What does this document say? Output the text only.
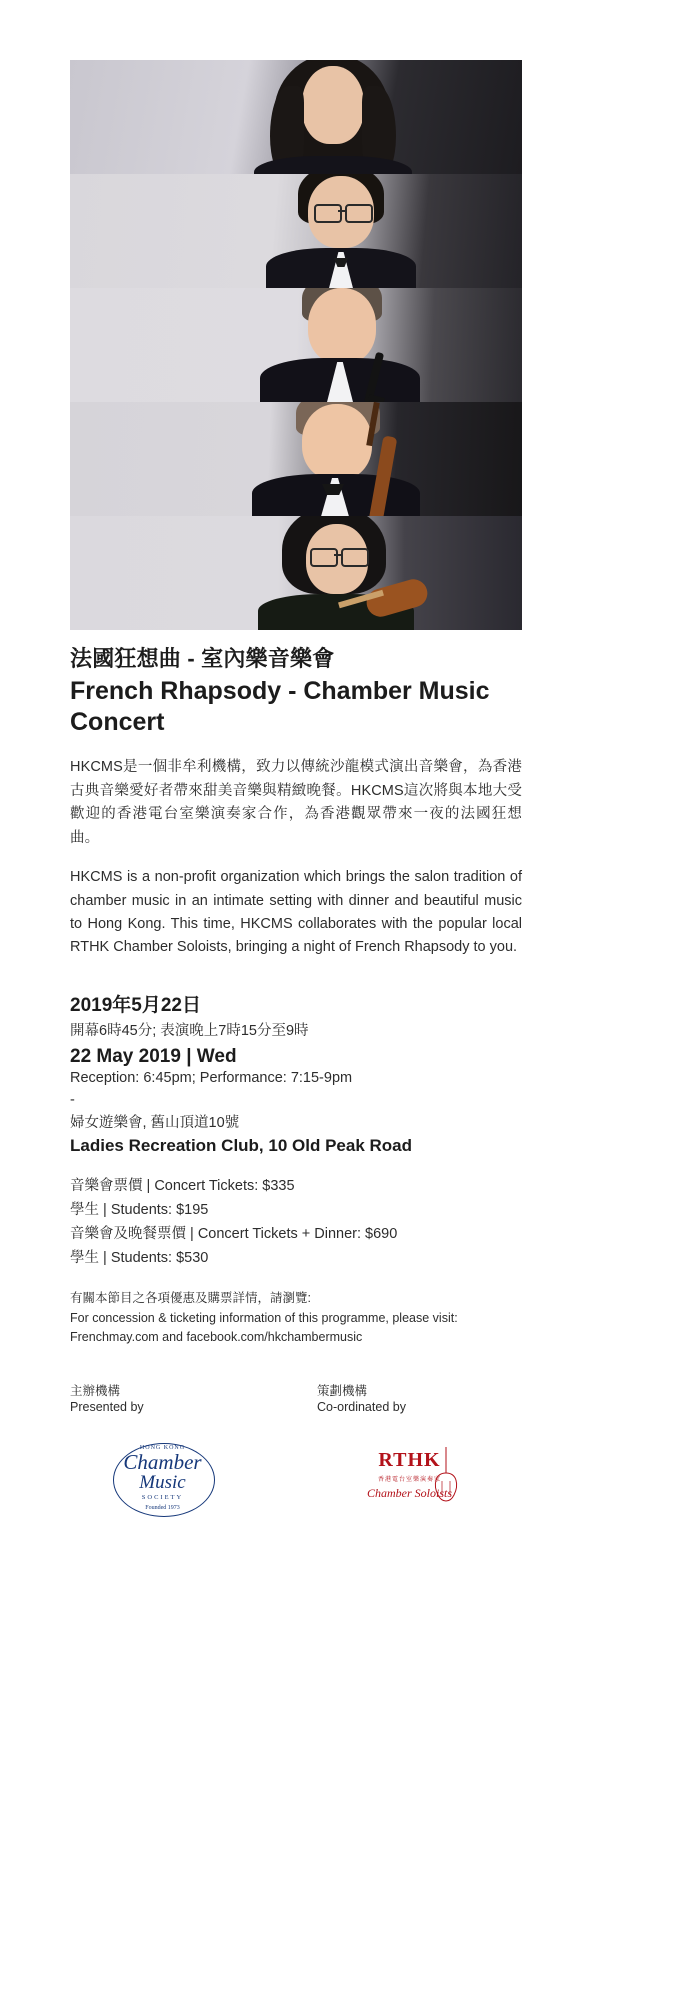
法國狂想曲 - 室內樂音樂會
French Rhapsody - Chamber Music Concert

HKCMS是一個非牟利機構，致力以傳統沙龍模式演出音樂會，為香港古典音樂愛好者帶來甜美音樂與精緻晚餐。HKCMS這次將與本地大受歡迎的香港電台室樂演奏家合作，為香港觀眾帶來一夜的法國狂想曲。

HKCMS is a non-profit organization which brings the salon tradition of chamber music in an intimate setting with dinner and beautiful music to Hong Kong. This time, HKCMS collaborates with the popular local RTHK Chamber Soloists, bringing a night of French Rhapsody to you.

2019年5月22日
開幕6時45分; 表演晚上7時15分至9時
22 May 2019 | Wed
Reception: 6:45pm; Performance: 7:15-9pm
-
婦女遊樂會, 舊山頂道10號
Ladies Recreation Club, 10 Old Peak Road
音樂會票價 | Concert Tickets: $335
學生 | Students: $195
音樂會及晚餐票價 | Concert Tickets + Dinner: $690
學生 | Students: $530

有關本節目之各項優惠及購票詳情，請瀏覽:

For concession & ticketing information of this programme, please visit:

Frenchmay.com and facebook.com/hkchambermusic

主辦機構

Presented by

策劃機構

Co-ordinated by

HONG KONG
Chamber
Music
SOCIETY
Founded 1973
RTHK
香港電台室樂演奏家
Chamber Soloists
